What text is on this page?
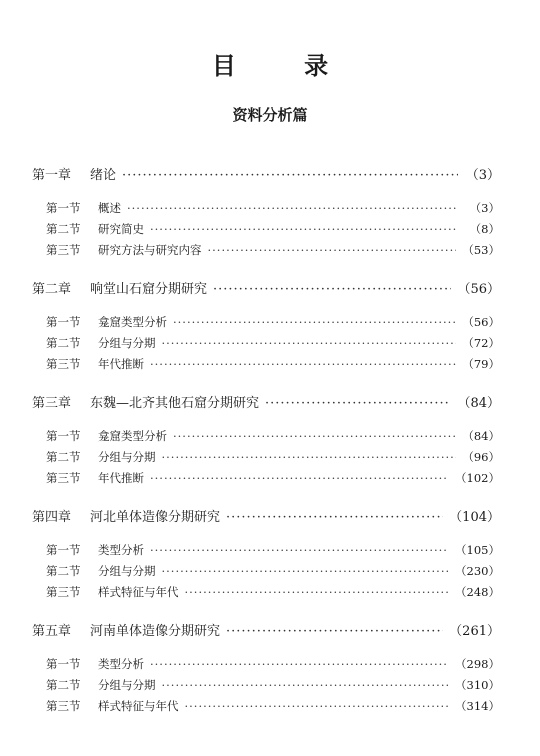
目 录
资料分析篇
第一章	绪论 ·····	（3）
第一节	概述 ·····	（3）
第二节	研究简史 ·····	（8）
第三节	研究方法与研究内容 ·····	（53）
第二章	响堂山石窟分期研究 ·····	（56）
第一节	龛窟类型分析 ·····	（56）
第二节	分组与分期 ·····	（72）
第三节	年代推断 ·····	（79）
第三章	东魏—北齐其他石窟分期研究 ·····	（84）
第一节	龛窟类型分析 ·····	（84）
第二节	分组与分期 ·····	（96）
第三节	年代推断 ·····	（102）
第四章	河北单体造像分期研究 ·····	（104）
第一节	类型分析 ·····	（105）
第二节	分组与分期 ·····	（230）
第三节	样式特征与年代 ·····	（248）
第五章	河南单体造像分期研究 ·····	（261）
第一节	类型分析 ·····	（298）
第二节	分组与分期 ·····	（310）
第三节	样式特征与年代 ·····	（314）
